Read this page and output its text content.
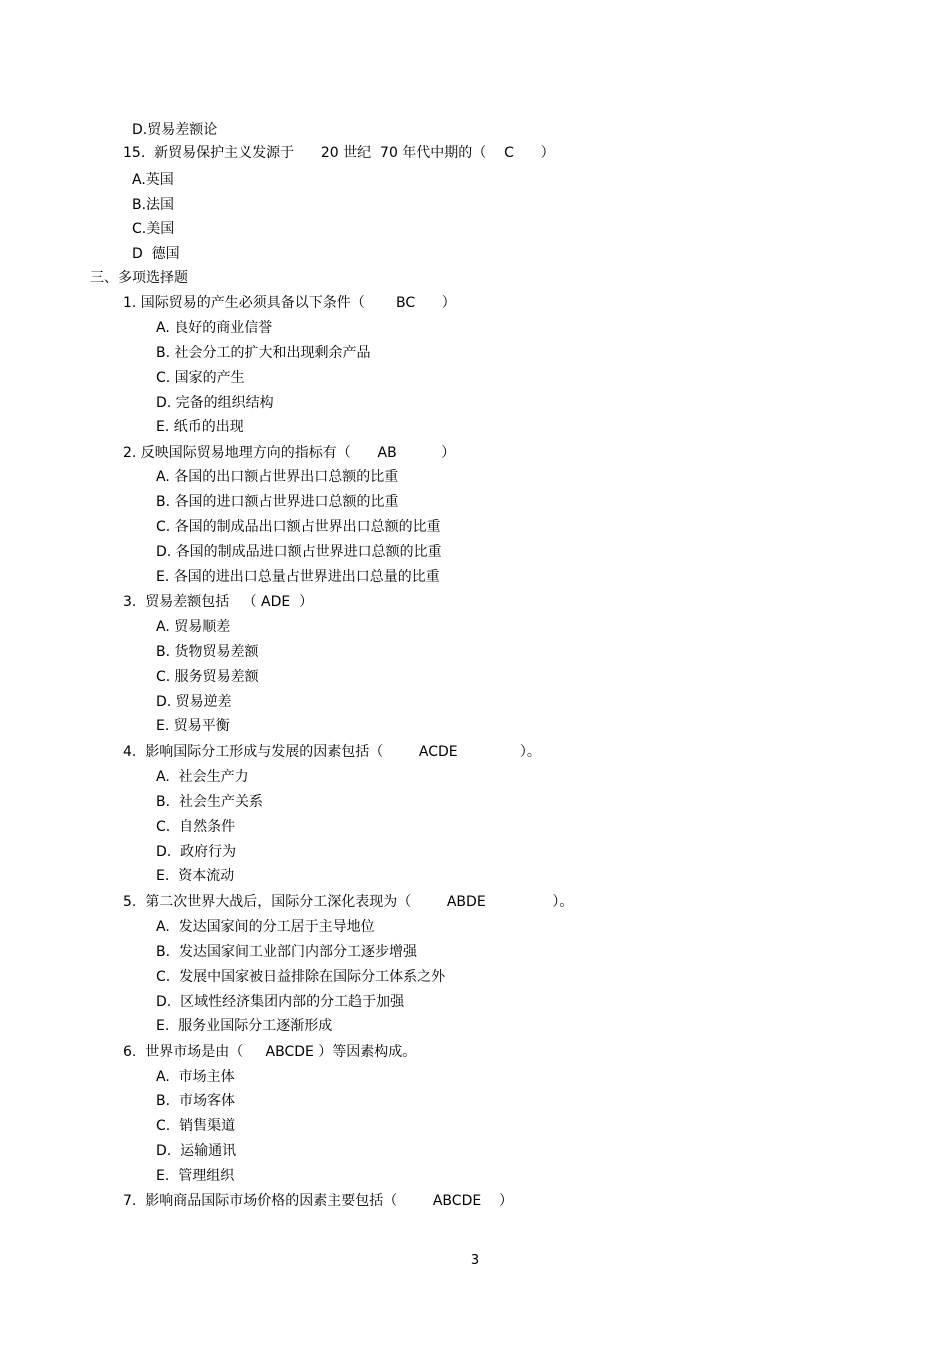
D.贸易差额论
15.  新贸易保护主义发源于      20 世纪  70 年代中期的（    C      ）
A.英国
B.法国
C.美国
D  德国
三、多项选择题
1. 国际贸易的产生必须具备以下条件（       BC      ）
A. 良好的商业信誉
B. 社会分工的扩大和出现剩余产品
C. 国家的产生
D. 完备的组织结构
E. 纸币的出现
2. 反映国际贸易地理方向的指标有（      AB          ）
A. 各国的出口额占世界出口总额的比重
B. 各国的进口额占世界进口总额的比重
C. 各国的制成品出口额占世界出口总额的比重
D. 各国的制成品进口额占世界进口总额的比重
E. 各国的进出口总量占世界进出口总量的比重
3.  贸易差额包括   （ ADE  ）
A. 贸易顺差
B. 货物贸易差额
C. 服务贸易差额
D. 贸易逆差
E. 贸易平衡
4.  影响国际分工形成与发展的因素包括（        ACDE              ）。
A.  社会生产力
B.  社会生产关系
C.  自然条件
D.  政府行为
E.  资本流动
5.  第二次世界大战后，国际分工深化表现为（        ABDE               ）。
A.  发达国家间的分工居于主导地位
B.  发达国家间工业部门内部分工逐步增强
C.  发展中国家被日益排除在国际分工体系之外
D.  区域性经济集团内部的分工趋于加强
E.  服务业国际分工逐渐形成
6.  世界市场是由（     ABCDE ）等因素构成。
A.  市场主体
B.  市场客体
C.  销售渠道
D.  运输通讯
E.  管理组织
7.  影响商品国际市场价格的因素主要包括（        ABCDE    ）
3
